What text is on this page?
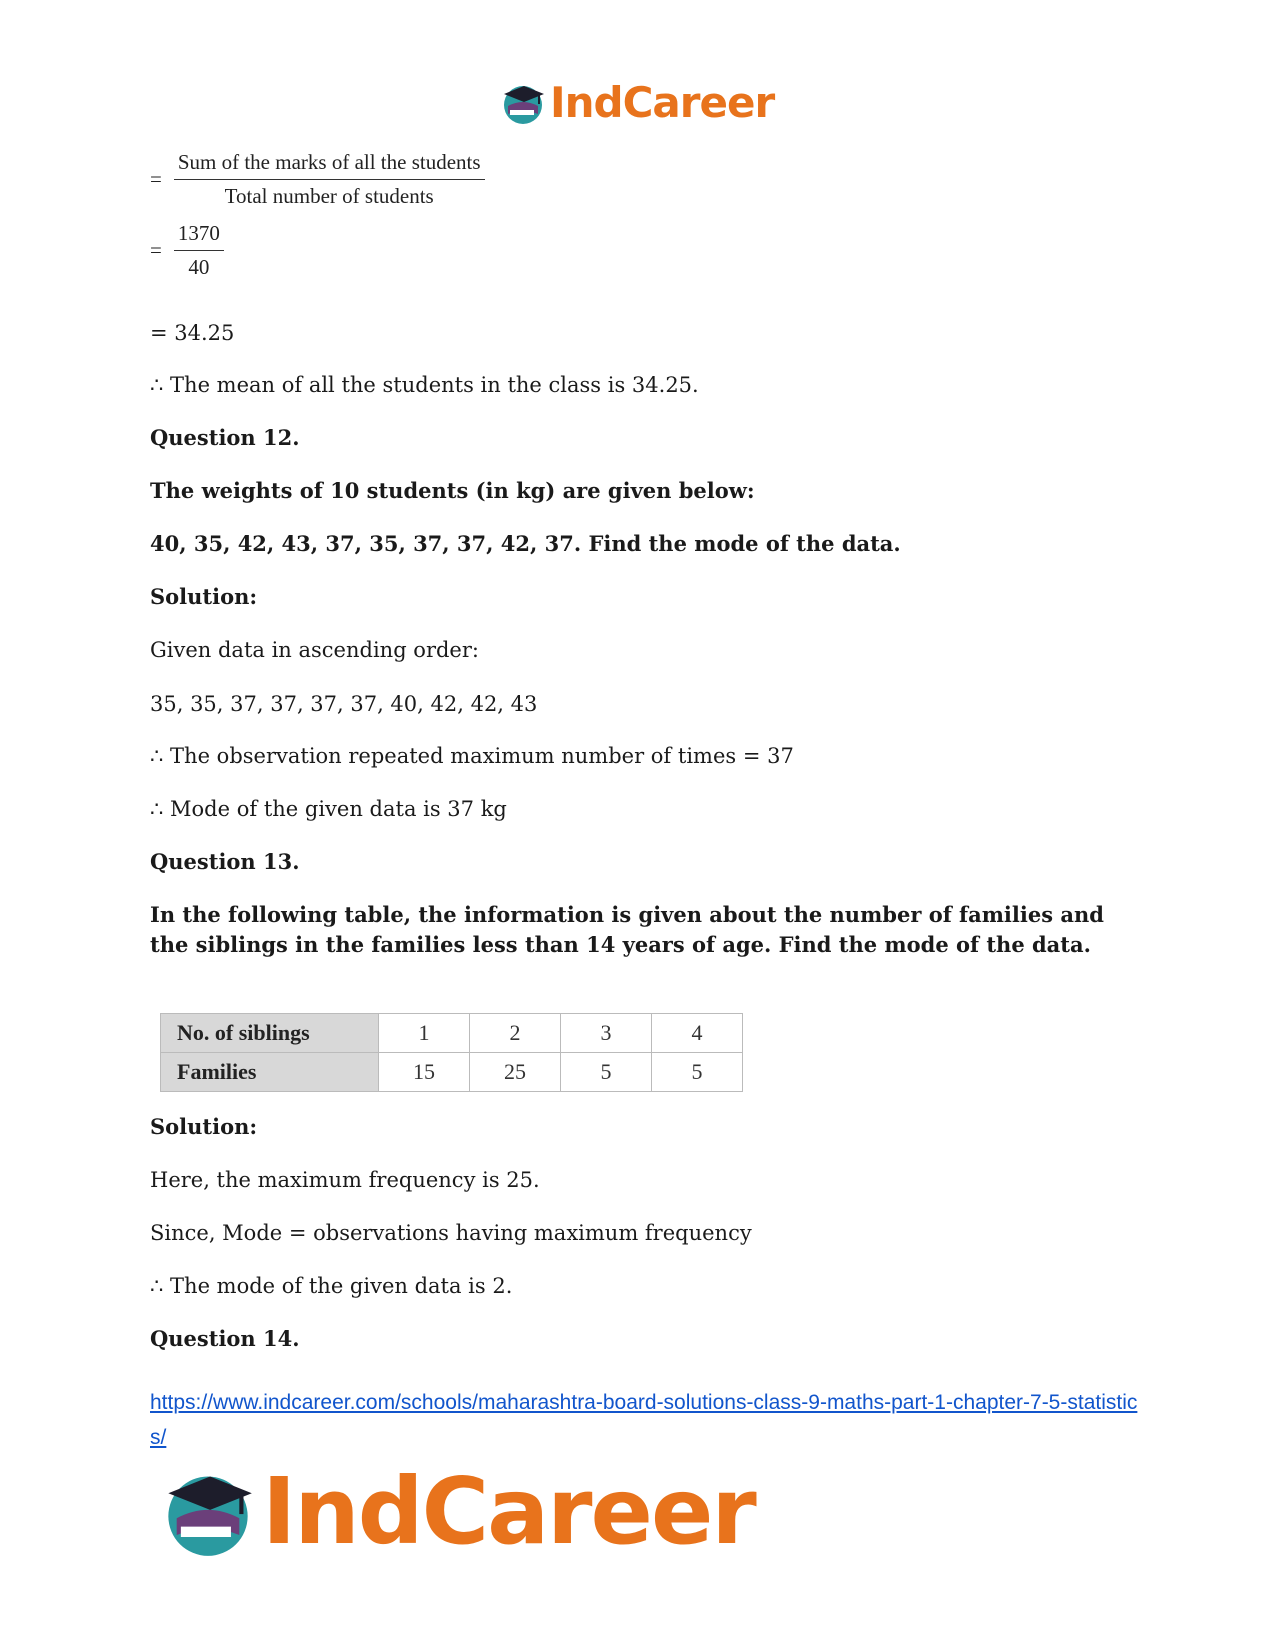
IndCareer
= $\frac{\text{Sum of the marks of all the students}}{\text{Total number of students}}$
= $\frac{1370}{40}$
= 34.25
∴ The mean of all the students in the class is 34.25.
Question 12.
The weights of 10 students (in kg) are given below:
40, 35, 42, 43, 37, 35, 37, 37, 42, 37. Find the mode of the data.
Solution:
Given data in ascending order:
35, 35, 37, 37, 37, 37, 40, 42, 42, 43
∴ The observation repeated maximum number of times = 37
∴ Mode of the given data is 37 kg
Question 13.
In the following table, the information is given about the number of families and the siblings in the families less than 14 years of age. Find the mode of the data.
No. of siblings	1	2	3	4
Families	15	25	5	5
Solution:
Here, the maximum frequency is 25.
Since, Mode = observations having maximum frequency
∴ The mode of the given data is 2.
Question 14.
https://www.indcareer.com/schools/maharashtra-board-solutions-class-9-maths-part-1-chapter-7-5-statistics/
IndCareer
